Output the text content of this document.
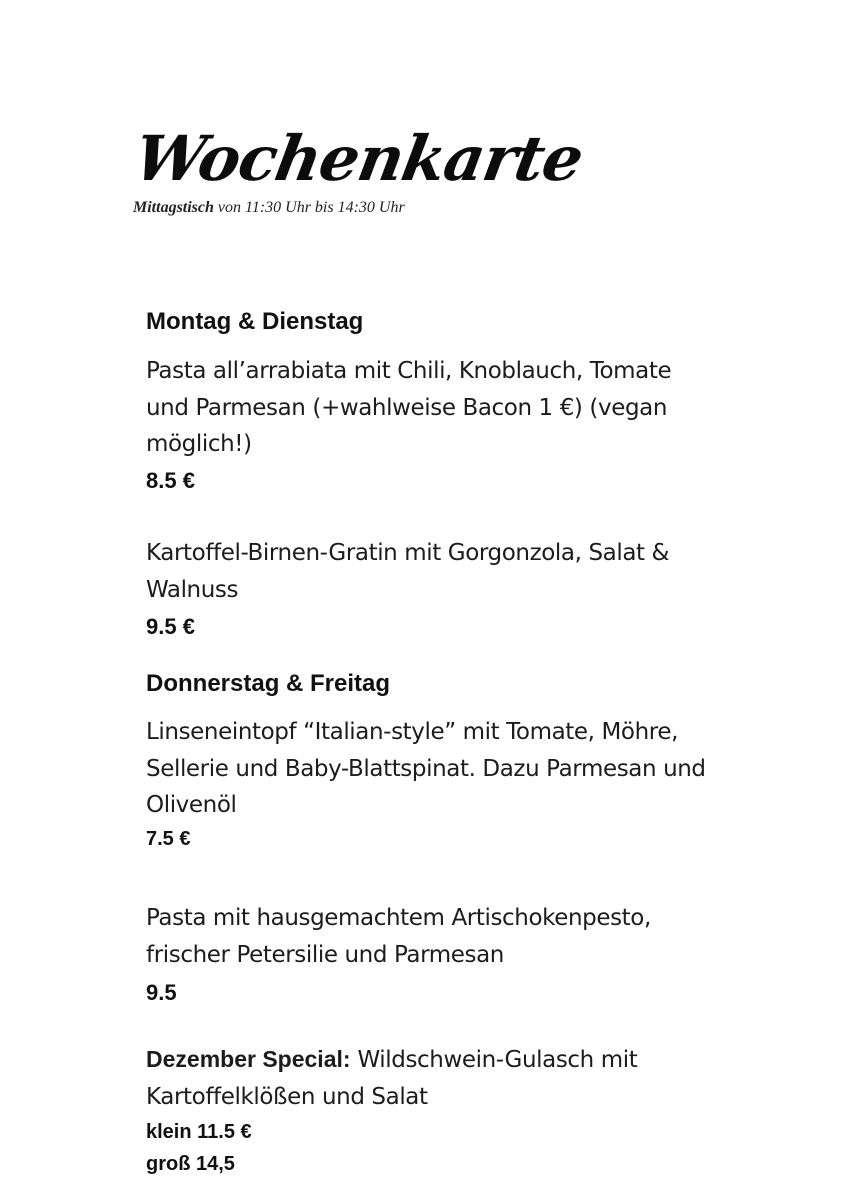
Wochenkarte
Mittagstisch von 11:30 Uhr bis 14:30 Uhr
Montag & Dienstag

Pasta all’arrabiata mit Chili, Knoblauch, Tomate und Parmesan (+wahlweise Bacon 1 €) (vegan möglich!)

8.5 €

Kartoffel-Birnen-Gratin mit Gorgonzola, Salat & Walnuss

9.5 €
Donnerstag & Freitag

Linseneintopf “Italian-style” mit Tomate, Möhre, Sellerie und Baby-Blattspinat. Dazu Parmesan und Olivenöl

7.5 €

Pasta mit hausgemachtem Artischokenpesto, frischer Petersilie und Parmesan

9.5

Dezember Special: Wildschwein-Gulasch mit Kartoffelklößen und Salat

klein 11.5 €
groß 14,5
